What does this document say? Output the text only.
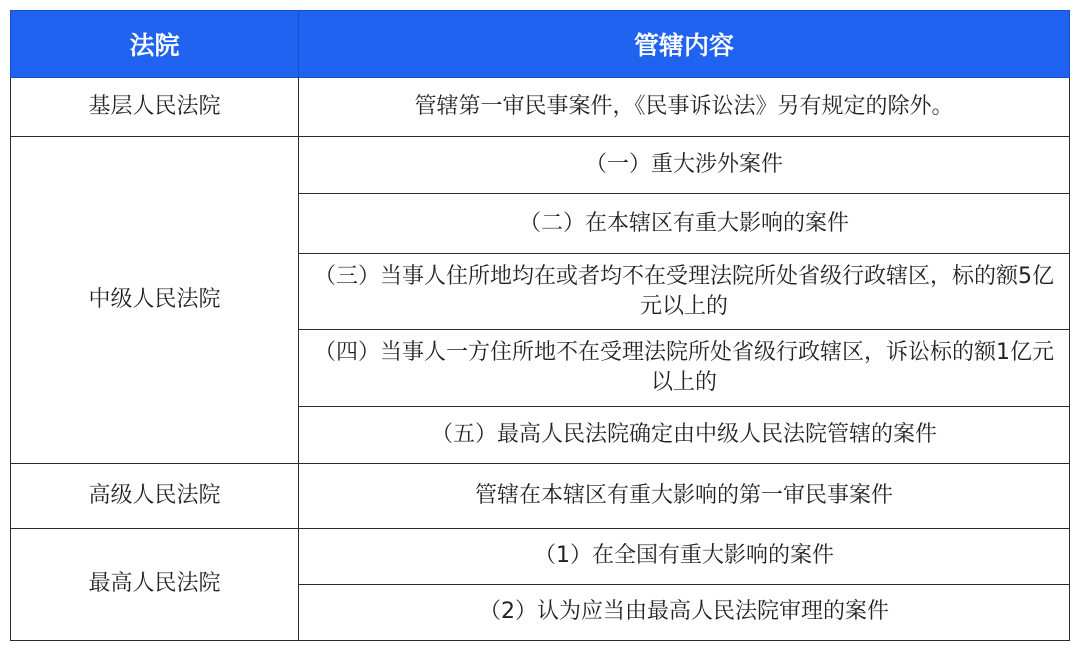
法院	管辖内容
基层人民法院	管辖第一审民事案件，《民事诉讼法》另有规定的除外。
中级人民法院	（一）重大涉外案件
	（二）在本辖区有重大影响的案件
	（三）当事人住所地均在或者均不在受理法院所处省级行政辖区，标的额5亿元以上的
	（四）当事人一方住所地不在受理法院所处省级行政辖区，诉讼标的额1亿元以上的
	（五）最高人民法院确定由中级人民法院管辖的案件
高级人民法院	管辖在本辖区有重大影响的第一审民事案件
最高人民法院	（1）在全国有重大影响的案件
	（2）认为应当由最高人民法院审理的案件
